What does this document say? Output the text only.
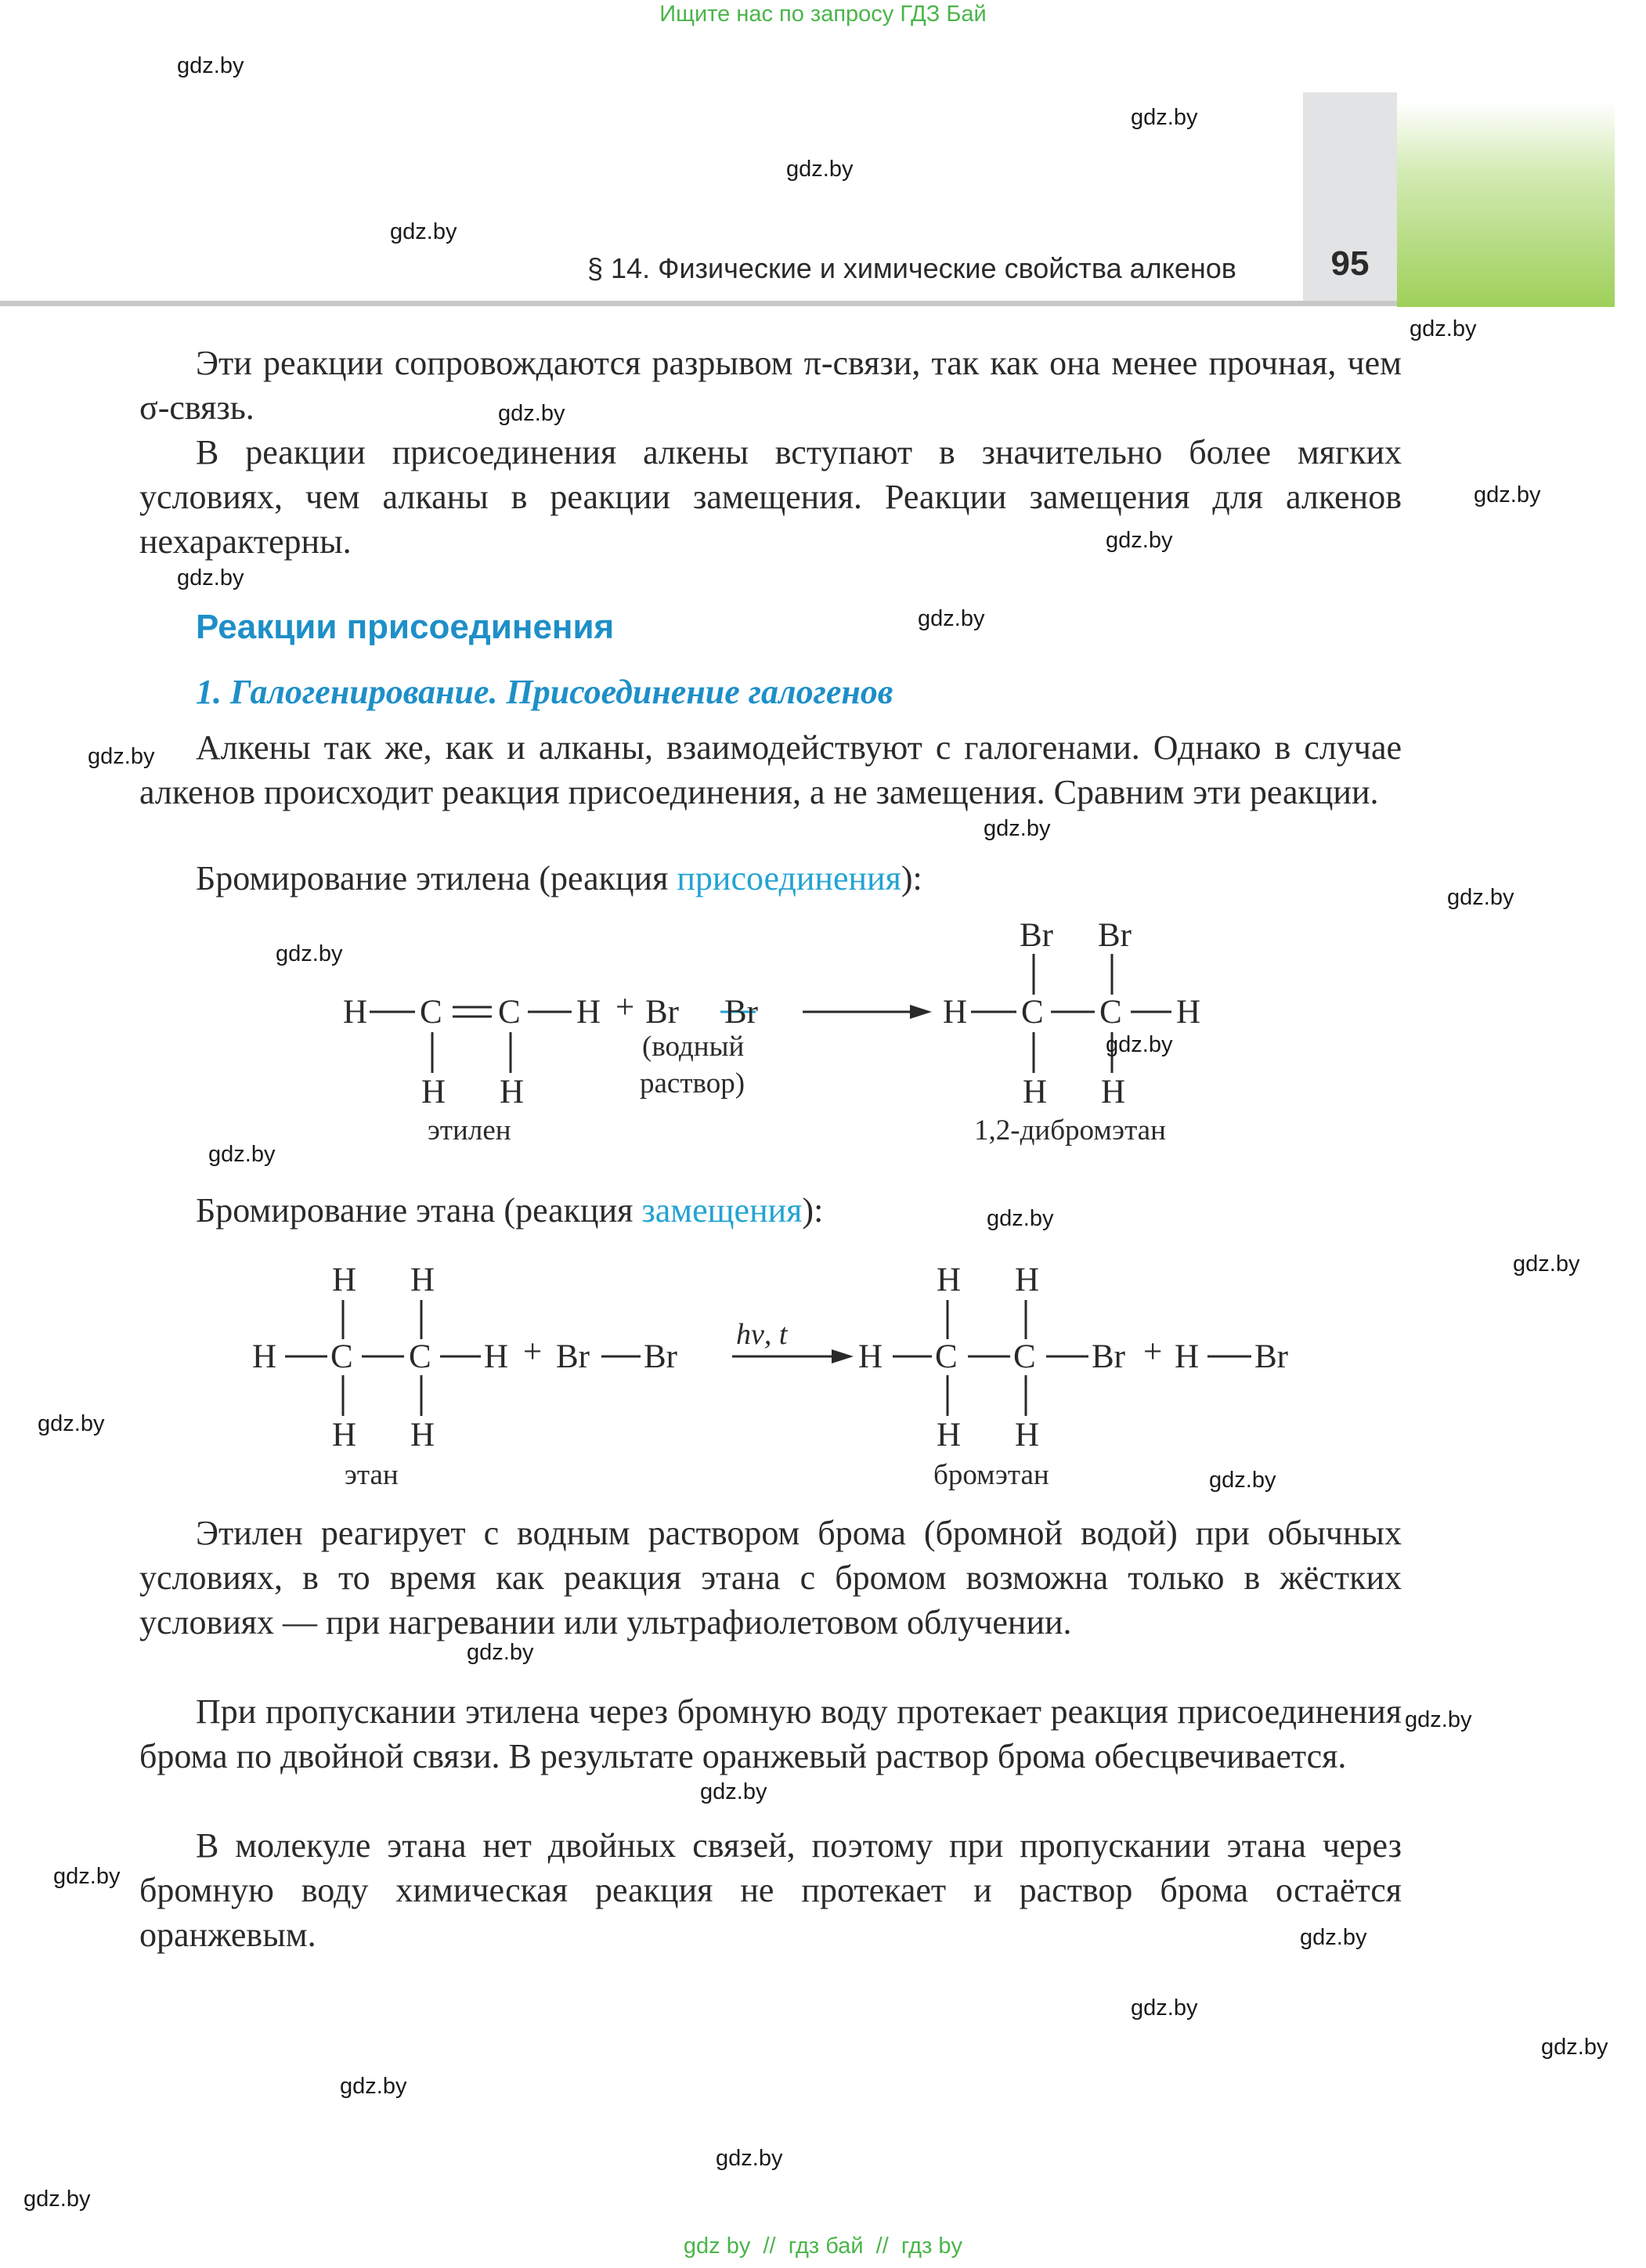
Ищите нас по запросу ГДЗ Бай
§ 14. Физические и химические свойства алкенов	95
Эти реакции сопровождаются разрывом π-связи, так как она менее прочная, чем σ-связь.
В реакции присоединения алкены вступают в значительно более мягких условиях, чем алканы в реакции замещения. Реакции замещения для алкенов нехарактерны.
Реакции присоединения
1. Галогенирование. Присоединение галогенов
Алкены так же, как и алканы, взаимодействуют с галогенами. Однако в случае алкенов происходит реакция присоединения, а не замещения. Сравним эти реакции.
Бромирование этилена (реакция присоединения):
H C C H
H H
+ Br Br
(водный
раствор)
H C C H
Br Br
H H
этилен	1,2-дибромэтан
Бромирование этана (реакция замещения):
H C C H
H H
H H
+ Br Br
hν, t
H C C Br
H H
H H
+ H Br
этан	бромэтан
Этилен реагирует с водным раствором брома (бромной водой) при обычных условиях, в то время как реакция этана с бромом возможна только в жёстких условиях — при нагревании или ультрафиолетовом облучении.
При пропускании этилена через бромную воду протекает реакция присоединения брома по двойной связи. В результате оранжевый раствор брома обесцвечивается.
В молекуле этана нет двойных связей, поэтому при пропускании этана через бромную воду химическая реакция не протекает и раствор брома остаётся оранжевым.
gdz.by
gdz.by
gdz.by
gdz.by
gdz.by
gdz.by
gdz.by
gdz.by
gdz.by
gdz.by
gdz.by
gdz.by
gdz.by
gdz.by
gdz.by
gdz.by
gdz.by
gdz.by
gdz.by
gdz.by
gdz.by
gdz.by
gdz.by
gdz.by
gdz.by
gdz.by
gdz.by
gdz.by
gdz.by
gdz.by
gdz by  //  гдз бай  //  гдз by
